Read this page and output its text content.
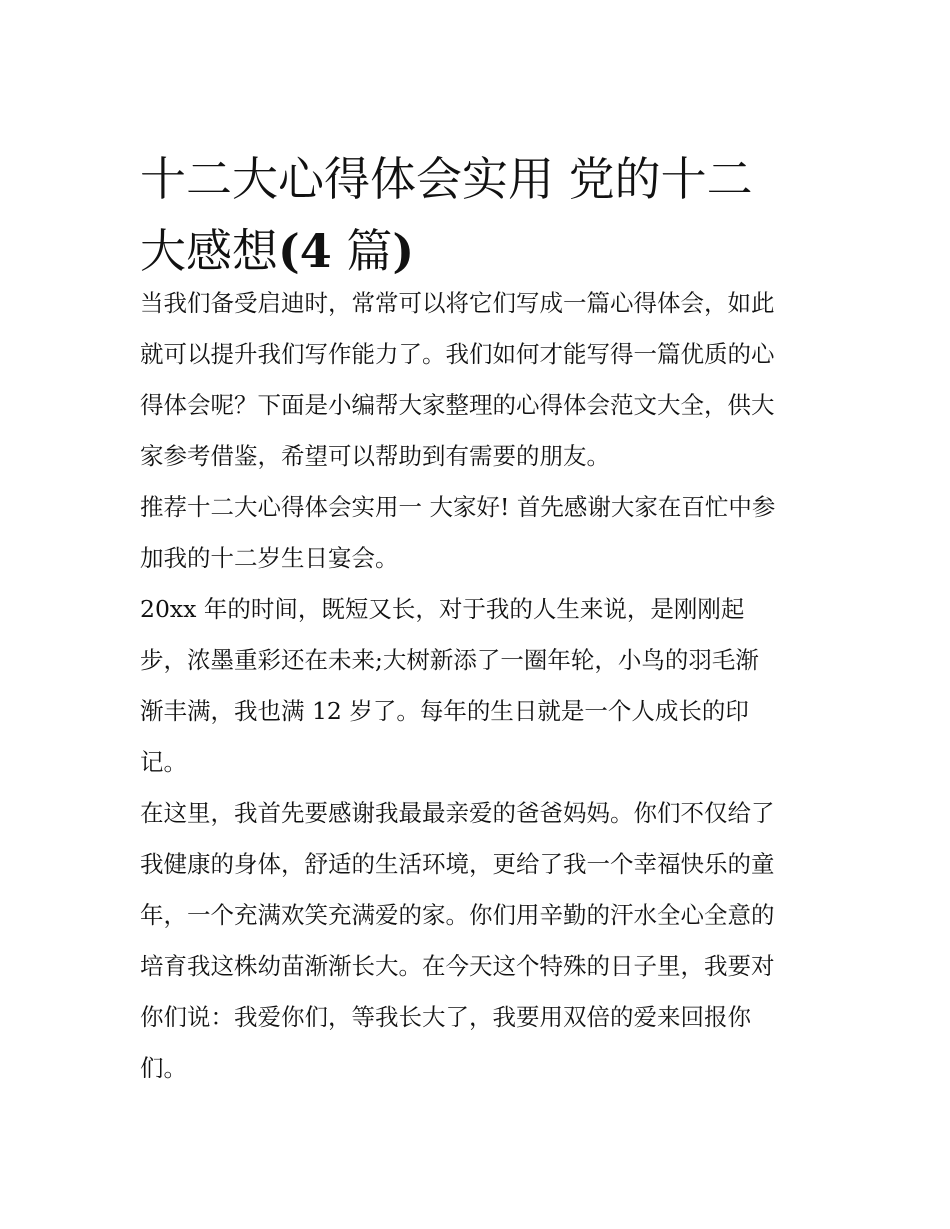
十二大心得体会实用 党的十二
大感想(4 篇)

当我们备受启迪时，常常可以将它们写成一篇心得体会，如此
就可以提升我们写作能力了。我们如何才能写得一篇优质的心
得体会呢？下面是小编帮大家整理的心得体会范文大全，供大
家参考借鉴，希望可以帮助到有需要的朋友。

推荐十二大心得体会实用一 大家好! 首先感谢大家在百忙中参
加我的十二岁生日宴会。

20xx 年的时间，既短又长，对于我的人生来说，是刚刚起
步，浓墨重彩还在未来;大树新添了一圈年轮，小鸟的羽毛渐
渐丰满，我也满 12 岁了。每年的生日就是一个人成长的印
记。

在这里，我首先要感谢我最最亲爱的爸爸妈妈。你们不仅给了
我健康的身体，舒适的生活环境，更给了我一个幸福快乐的童
年，一个充满欢笑充满爱的家。你们用辛勤的汗水全心全意的
培育我这株幼苗渐渐长大。在今天这个特殊的日子里，我要对
你们说：我爱你们，等我长大了，我要用双倍的爱来回报你
们。
